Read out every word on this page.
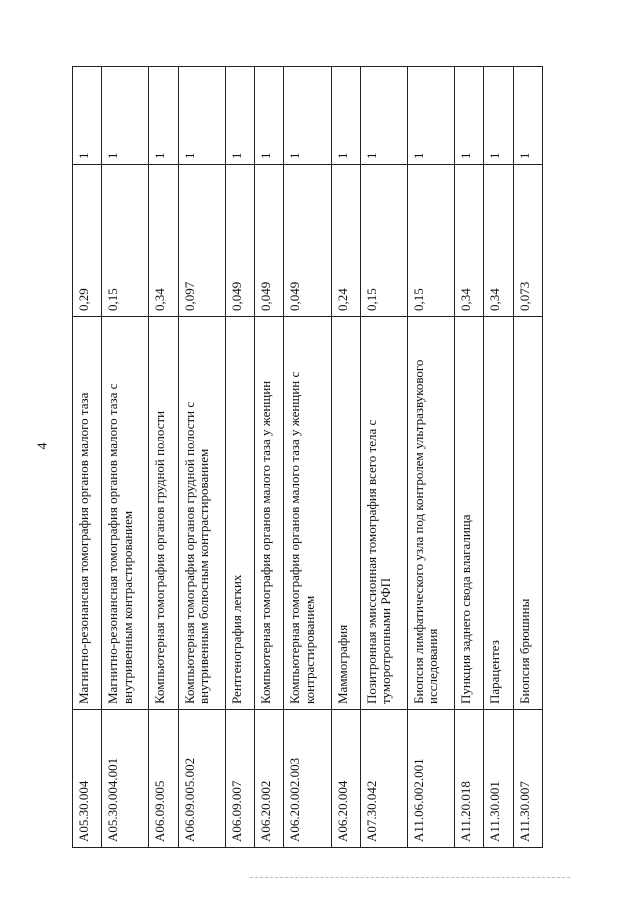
4
A05.30.004	Магнитно-резонансная томография органов малого таза	0,29	1
A05.30.004.001	Магнитно-резонансная томография органов малого таза с внутривенным контрастированием	0,15	1
A06.09.005	Компьютерная томография органов грудной полости	0,34	1
A06.09.005.002	Компьютерная томография органов грудной полости с внутривенным болюсным контрастированием	0,097	1
A06.09.007	Рентгенография легких	0,049	1
A06.20.002	Компьютерная томография органов малого таза у женщин	0,049	1
A06.20.002.003	Компьютерная томография органов малого таза у женщин с контрастированием	0,049	1
A06.20.004	Маммография	0,24	1
A07.30.042	Позитронная эмиссионная томография всего тела с туморотропными РФП	0,15	1
A11.06.002.001	Биопсия лимфатического узла под контролем ультразвукового исследования	0,15	1
A11.20.018	Пункция заднего свода влагалища	0,34	1
A11.30.001	Парацентез	0,34	1
A11.30.007	Биопсия брюшины	0,073	1
